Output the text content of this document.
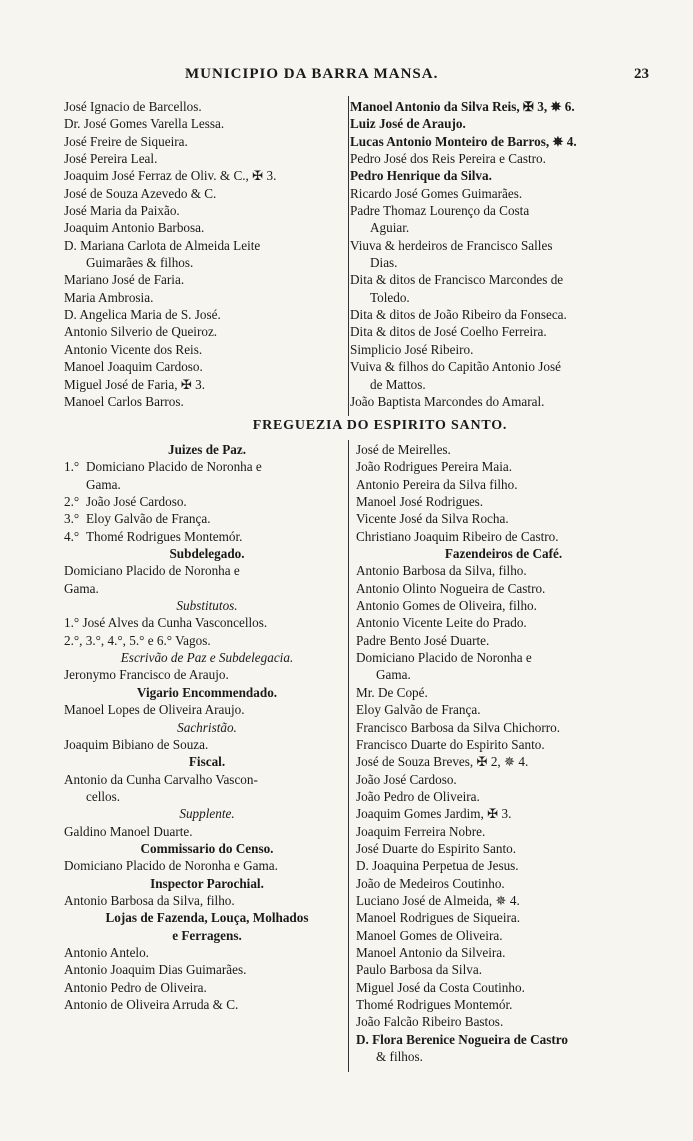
MUNICIPIO DA BARRA MANSA.	23
José Ignacio de Barcellos.
Dr. José Gomes Varella Lessa.
José Freire de Siqueira.
José Pereira Leal.
Joaquim José Ferraz de Oliv. & C., ✠ 3.
José de Souza Azevedo & C.
José Maria da Paixão.
Joaquim Antonio Barbosa.
D. Mariana Carlota de Almeida Leite
Guimarães & filhos.
Mariano José de Faria.
Maria Ambrosia.
D. Angelica Maria de S. José.
Antonio Silverio de Queiroz.
Antonio Vicente dos Reis.
Manoel Joaquim Cardoso.
Miguel José de Faria, ✠ 3.
Manoel Carlos Barros.
Manoel Antonio da Silva Reis, ✠ 3, ✵ 6.
Luiz José de Araujo.
Lucas Antonio Monteiro de Barros, ✵ 4.
Pedro José dos Reis Pereira e Castro.
Pedro Henrique da Silva.
Ricardo José Gomes Guimarães.
Padre Thomaz Lourenço da Costa
Aguiar.
Viuva & herdeiros de Francisco Salles
Dias.
Dita & ditos de Francisco Marcondes de
Toledo.
Dita & ditos de João Ribeiro da Fonseca.
Dita & ditos de José Coelho Ferreira.
Simplicio José Ribeiro.
Vuiva & filhos do Capitão Antonio José
de Mattos.
João Baptista Marcondes do Amaral.
FREGUEZIA DO ESPIRITO SANTO.
Juizes de Paz.
1.° Domiciano Placido de Noronha e
Gama.
2.° João José Cardoso.
3.° Eloy Galvão de França.
4.° Thomé Rodrigues Montemór.
Subdelegado.
Domiciano Placido de Noronha e
Gama.
Substitutos.
1.° José Alves da Cunha Vasconcellos.
2.°, 3.°, 4.°, 5.° e 6.° Vagos.
Escrivão de Paz e Subdelegacia.
Jeronymo Francisco de Araujo.
Vigario Encommendado.
Manoel Lopes de Oliveira Araujo.
Sachristão.
Joaquim Bibiano de Souza.
Fiscal.
Antonio da Cunha Carvalho Vascon-
cellos.
Supplente.
Galdino Manoel Duarte.
Commissario do Censo.
Domiciano Placido de Noronha e Gama.
Inspector Parochial.
Antonio Barbosa da Silva, filho.
Lojas de Fazenda, Louça, Molhados
e Ferragens.
Antonio Antelo.
Antonio Joaquim Dias Guimarães.
Antonio Pedro de Oliveira.
Antonio de Oliveira Arruda & C.
José de Meirelles.
João Rodrigues Pereira Maia.
Antonio Pereira da Silva filho.
Manoel José Rodrigues.
Vicente José da Silva Rocha.
Christiano Joaquim Ribeiro de Castro.
Fazendeiros de Café.
Antonio Barbosa da Silva, filho.
Antonio Olinto Nogueira de Castro.
Antonio Gomes de Oliveira, filho.
Antonio Vicente Leite do Prado.
Padre Bento José Duarte.
Domiciano Placido de Noronha e
Gama.
Mr. De Copé.
Eloy Galvão de França.
Francisco Barbosa da Silva Chichorro.
Francisco Duarte do Espirito Santo.
José de Souza Breves, ✠ 2, ✵ 4.
João José Cardoso.
João Pedro de Oliveira.
Joaquim Gomes Jardim, ✠ 3.
Joaquim Ferreira Nobre.
José Duarte do Espirito Santo.
D. Joaquina Perpetua de Jesus.
João de Medeiros Coutinho.
Luciano José de Almeida, ✵ 4.
Manoel Rodrigues de Siqueira.
Manoel Gomes de Oliveira.
Manoel Antonio da Silveira.
Paulo Barbosa da Silva.
Miguel José da Costa Coutinho.
Thomé Rodrigues Montemór.
João Falcão Ribeiro Bastos.
D. Flora Berenice Nogueira de Castro
& filhos.
